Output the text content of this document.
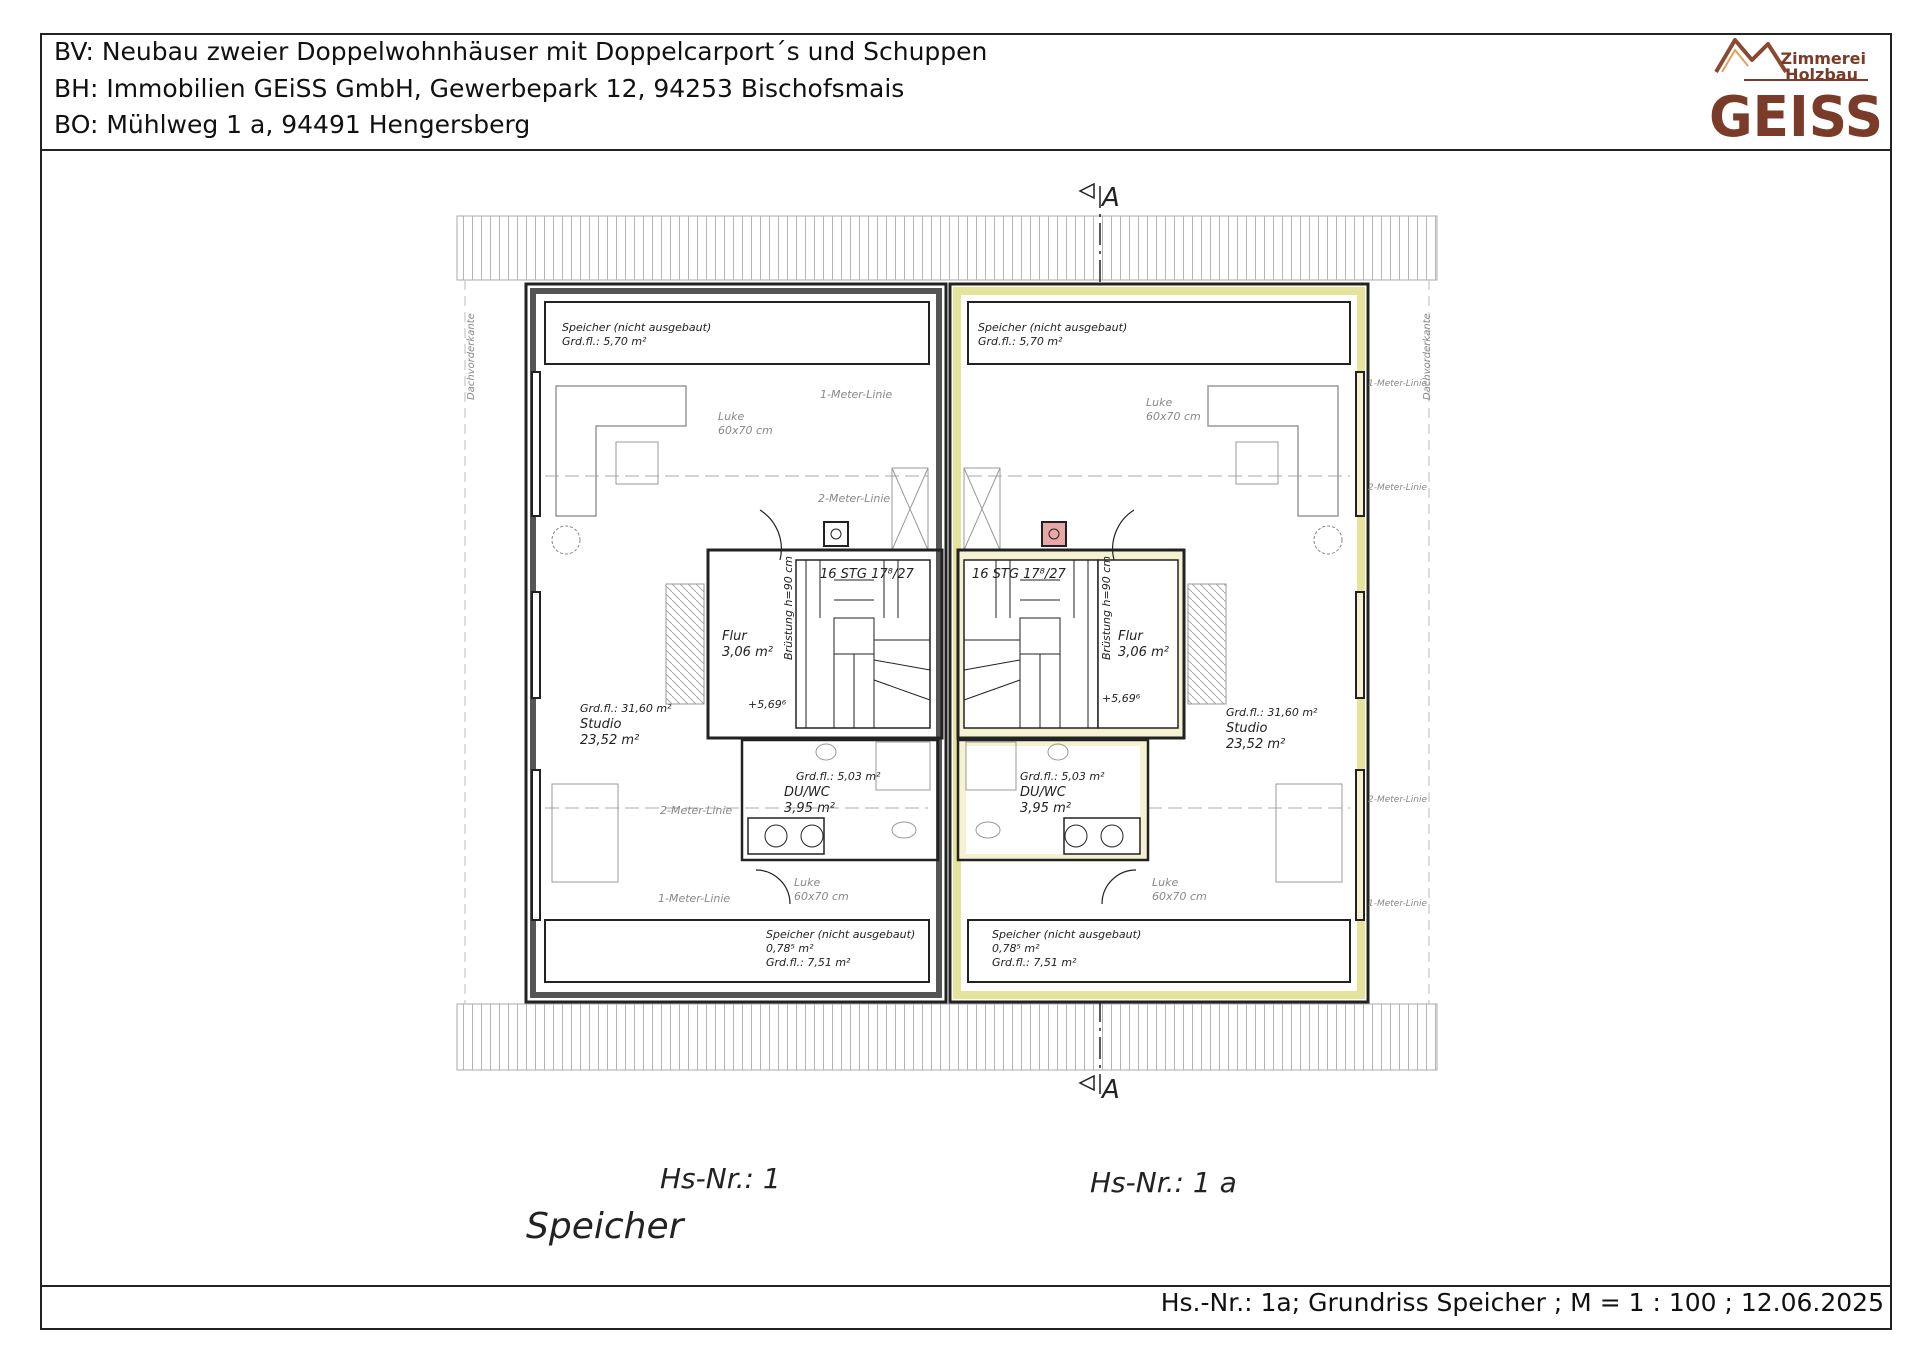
BV: Neubau zweier Doppelwohnhäuser mit Doppelcarport´s und Schuppen
BH: Immobilien GEiSS GmbH, Gewerbepark 12, 94253 Bischofsmais
BO: Mühlweg 1 a, 94491 Hengersberg
Zimmerei
Holzbau
GEISS
Dachvorderkante	Dachvorderkante
A
A
Speicher (nicht ausgebaut)
Grd.fl.: 5,70 m²
Speicher (nicht ausgebaut)
0,78⁵ m²
Grd.fl.: 7,51 m²
1-Meter-Linie
2-Meter-Linie
2-Meter-Linie
1-Meter-Linie
Luke
60x70 cm
16 STG 17⁸/27
Brüstung h=90 cm
Flur
3,06 m²
+5,69⁶
Grd.fl.: 31,60 m²
Studio
23,52 m²
Grd.fl.: 5,03 m²
DU/WC
3,95 m²
Luke
60x70 cm
Speicher (nicht ausgebaut)
Grd.fl.: 5,70 m²
Speicher (nicht ausgebaut)
0,78⁵ m²
Grd.fl.: 7,51 m²
1-Meter-Linie
2-Meter-Linie
2-Meter-Linie
1-Meter-Linie
Luke
60x70 cm
16 STG 17⁸/27	Brüstung h=90 cm Flur
3,06 m²
+5,69⁶
Grd.fl.: 31,60 m²
Studio
23,52 m²
Grd.fl.: 5,03 m²
DU/WC
3,95 m²
Luke
60x70 cm
Hs-Nr.: 1	Hs-Nr.: 1 a
Speicher
Hs.-Nr.: 1a; Grundriss Speicher ; M = 1 : 100 ; 12.06.2025
